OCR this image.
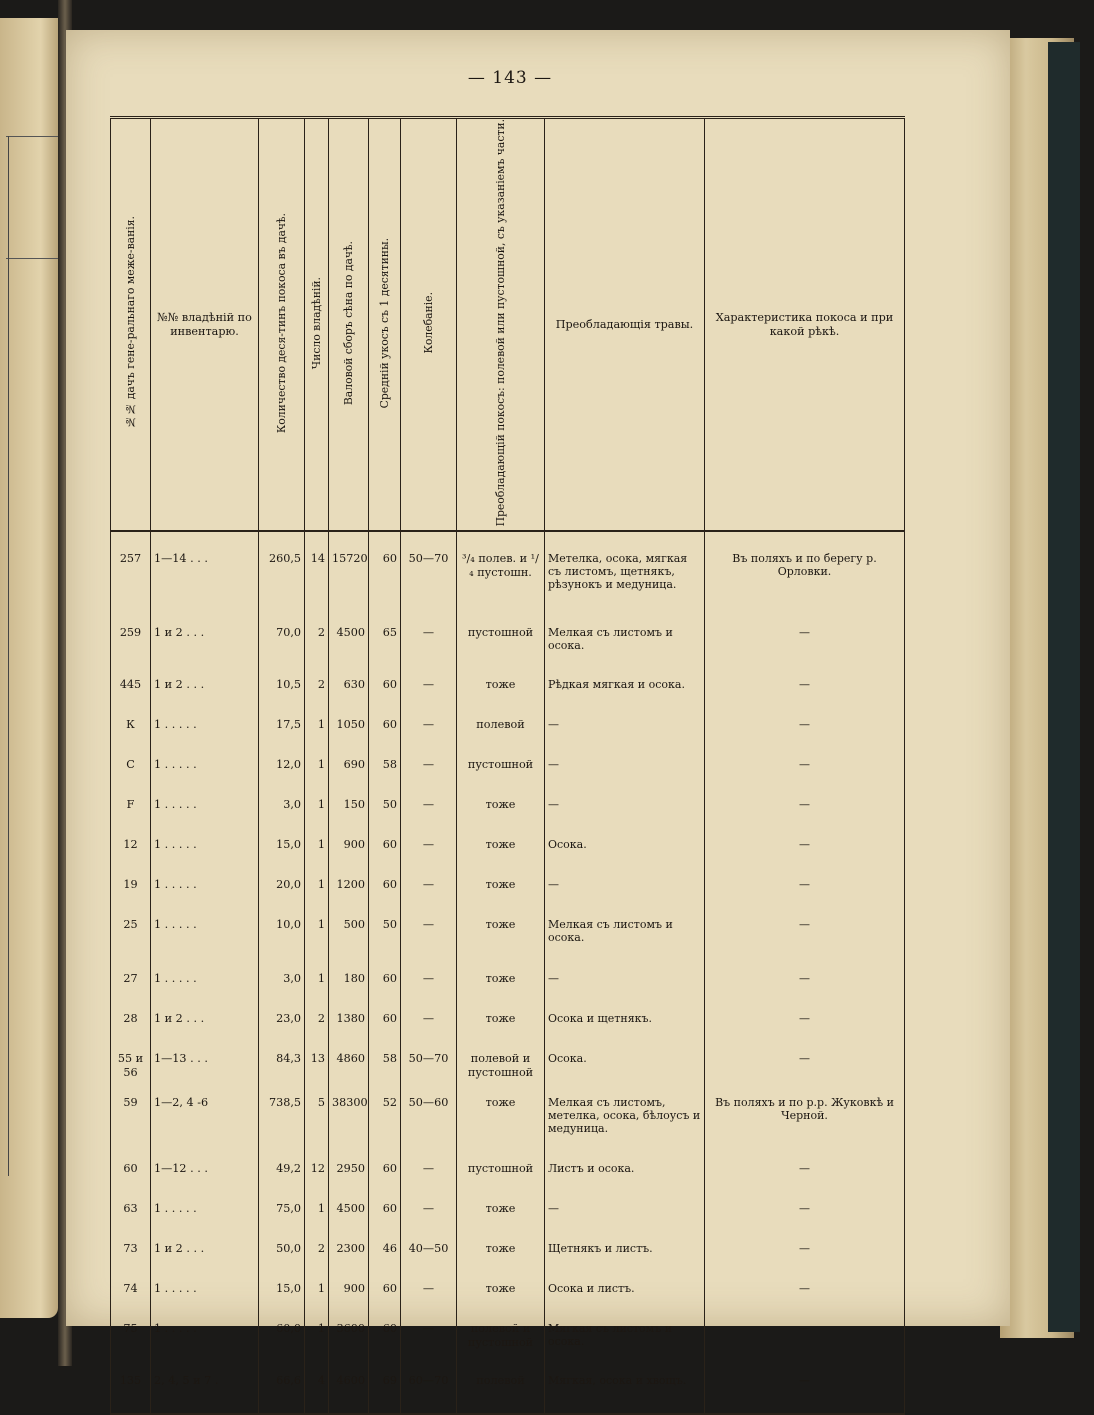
— 143 —
№№ дачъ гене-ральнаго меже-ванія.	№№ владѣній по инвентарю.	Количество деся-тинъ покоса въ дачѣ.	Число владѣній.	Валовой сборъ сѣна по дачѣ.	Средній укосъ съ 1 десятины.	Колебаніе.	Преобладающій покосъ: полевой или пустошной, съ указаніемъ части.	Преобладающія травы.	Характеристика покоса и при какой рѣкѣ.

257	1—14 . . .	260,5	14	15720	60	50—70	³/₄ полев. и ¹/₄ пустошн.	Метелка, осока, мягкая съ листомъ, щетнякъ, рѣзунокъ и медуница.	Въ поляхъ и по берегу р. Орловки.
259	1 и 2 . . .	70,0	2	4500	65	—	пустошной	Мелкая съ листомъ и осока.	—
445	1 и 2 . . .	10,5	2	630	60	—	тоже	Рѣдкая мягкая и осока.	—
К	1 . . . . .	17,5	1	1050	60	—	полевой	—	—
С	1 . . . . .	12,0	1	690	58	—	пустошной	—	—
F	1 . . . . .	3,0	1	150	50	—	тоже	—	—
12	1 . . . . .	15,0	1	900	60	—	тоже	Осока.	—
19	1 . . . . .	20,0	1	1200	60	—	тоже	—	—
25	1 . . . . .	10,0	1	500	50	—	тоже	Мелкая съ листомъ и осока.	—
27	1 . . . . .	3,0	1	180	60	—	тоже	—	—
28	1 и 2 . . .	23,0	2	1380	60	—	тоже	Осока и щетнякъ.	—
55 и 56	1—13 . . .	84,3	13	4860	58	50—70	полевой и пустошной	Осока.	—
59	1—2, 4 -6	738,5	5	38300	52	50—60	тоже	Мелкая съ листомъ, метелка, осока, бѣлоусъ и медуница.	Въ поляхъ и по р.р. Жуковкѣ и Черной.
60	1—12 . . .	49,2	12	2950	60	—	пустошной	Листъ и осока.	—
63	1 . . . . .	75,0	1	4500	60	—	тоже	—	—
73	1 и 2 . . .	50,0	2	2300	46	40—50	тоже	Щетнякъ и листъ.	—
74	1 . . . . .	15,0	1	900	60	—	тоже	Осока и листъ.	—
75	1 . . . . .	60,0	1	3600	60	—	полевой и пустошной	Мягкая съ листомъ и осока.	—
135	2, 4, 5 и 7 .	66,6	4	4600	69	60—70	полевой	Мягкая, осока и хвощъ.	—
